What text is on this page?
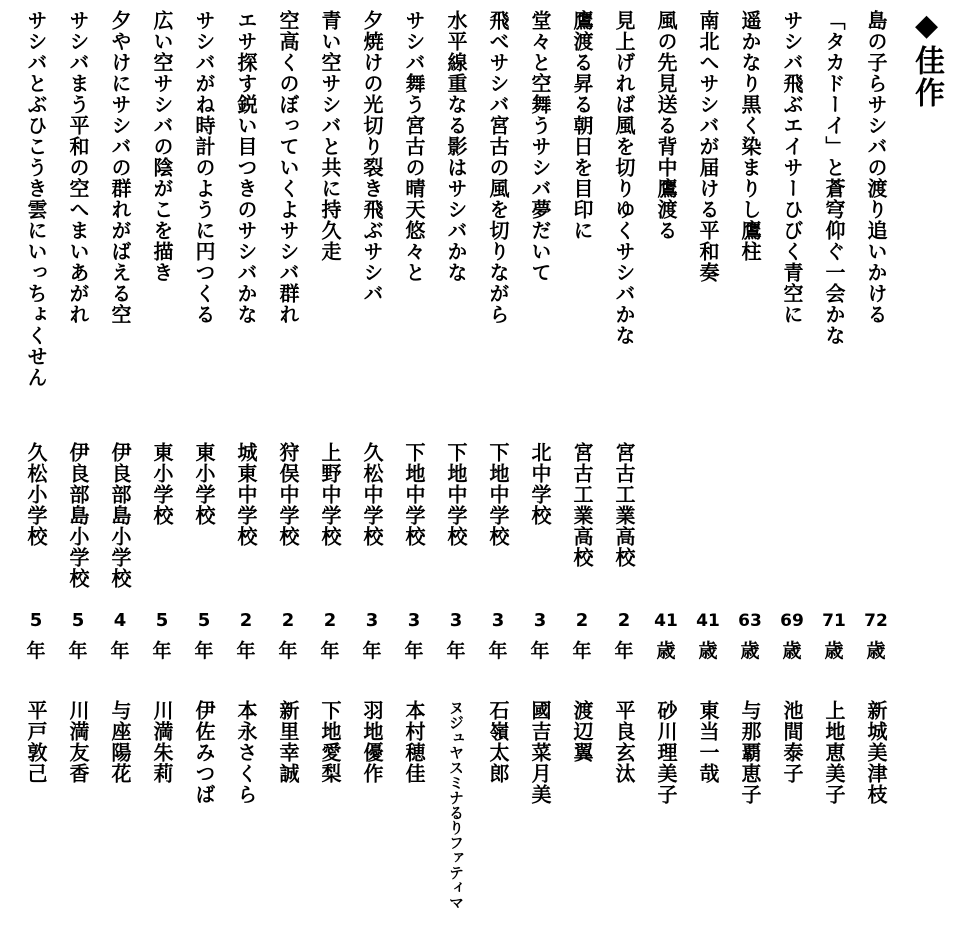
◆佳作
島の子らサシバの渡り追いかける
72
歳
新城美津枝
「タカドーイ」と蒼穹仰ぐ一会かな
71
歳
上地恵美子
サシバ飛ぶエイサーひびく青空に
69
歳
池間泰子
遥かなり黒く染まりし鷹柱
63
歳
与那覇恵子
南北へサシバが届ける平和奏
41
歳
東当一哉
風の先見送る背中鷹渡る
41
歳
砂川理美子
見上げれば風を切りゆくサシバかな
宮古工業高校
2
年
平良玄汰
鷹渡る昇る朝日を目印に
宮古工業高校
2
年
渡辺翼
堂々と空舞うサシバ夢だいて
北中学校
3
年
國吉菜月美
飛べサシバ宮古の風を切りながら
下地中学校
3
年
石嶺太郎
水平線重なる影はサシバかな
下地中学校
3
年
ヌジュヤスミナるりファティマ
サシバ舞う宮古の晴天悠々と
下地中学校
3
年
本村穂佳
夕焼けの光切り裂き飛ぶサシバ
久松中学校
3
年
羽地優作
青い空サシバと共に持久走
上野中学校
2
年
下地愛梨
空高くのぼっていくよサシバ群れ
狩俣中学校
2
年
新里幸誠
エサ探す鋭い目つきのサシバかな
城東中学校
2
年
本永さくら
サシバがね時計のように円つくる
東小学校
5
年
伊佐みつば
広い空サシバの陰がこを描き
東小学校
5
年
川満朱莉
夕やけにサシバの群れがばえる空
伊良部島小学校
4
年
与座陽花
サシバまう平和の空へまいあがれ
伊良部島小学校
5
年
川満友香
サシバとぶひこうき雲にいっちょくせん
久松小学校
5
年
平戸敦己
